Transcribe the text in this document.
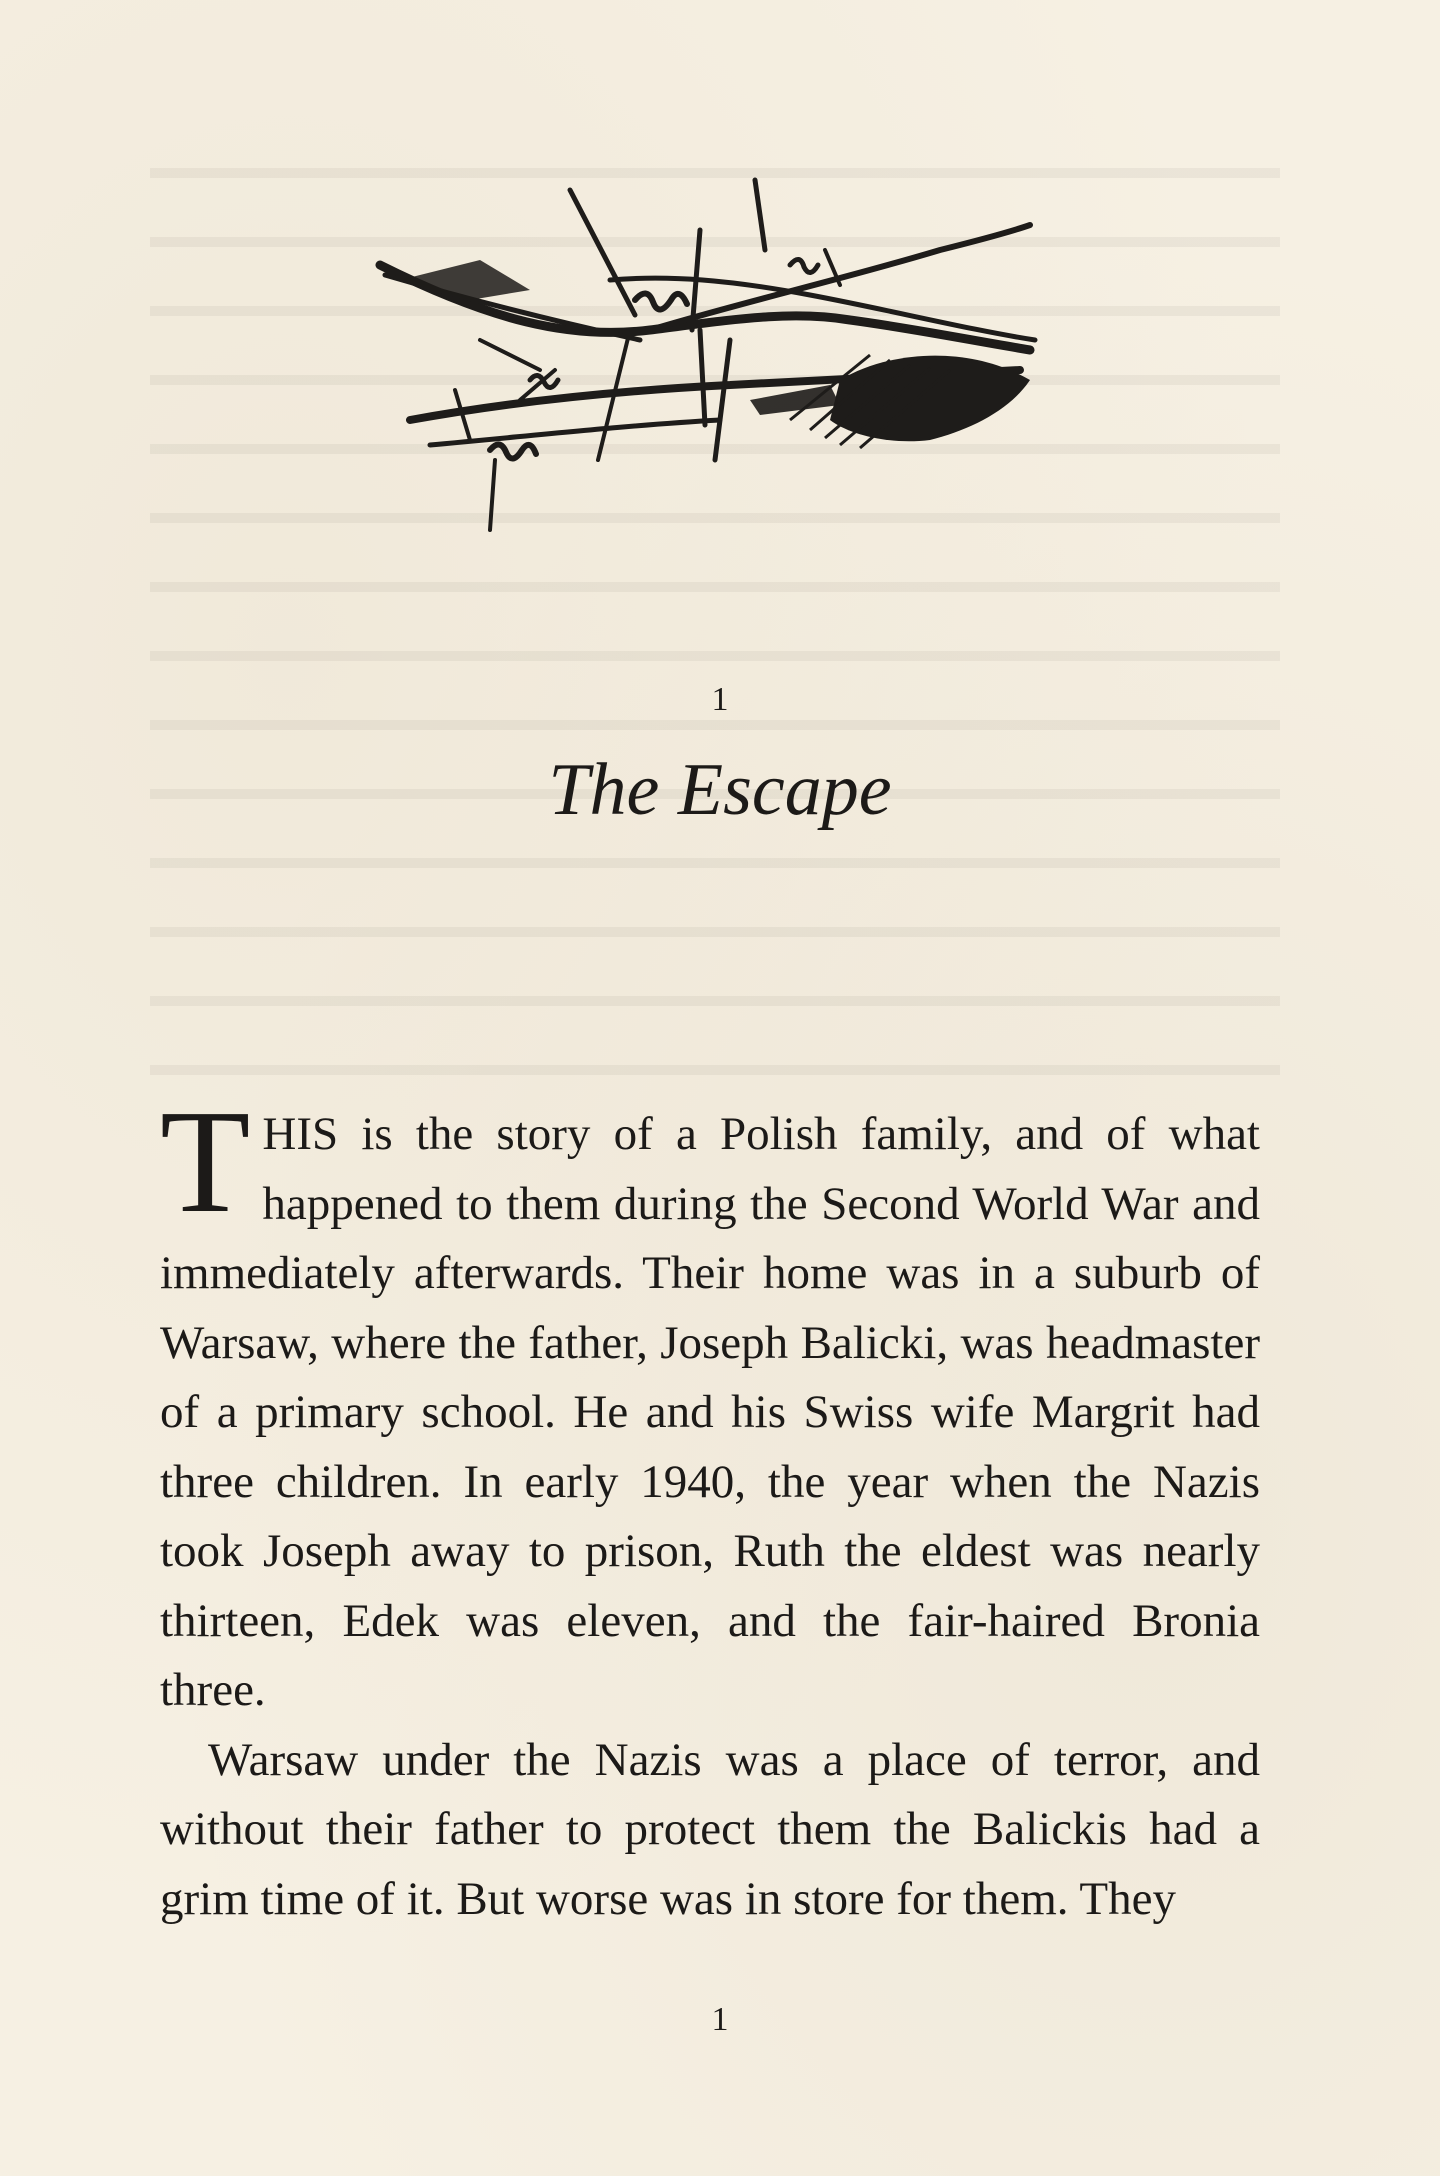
1
The Escape

THIS is the story of a Polish family, and of what happened to them during the Second World War and immediately afterwards. Their home was in a suburb of Warsaw, where the father, Joseph Balicki, was headmaster of a primary school. He and his Swiss wife Margrit had three children. In early 1940, the year when the Nazis took Joseph away to prison, Ruth the eldest was nearly thirteen, Edek was eleven, and the fair-haired Bronia three.

Warsaw under the Nazis was a place of terror, and without their father to protect them the Balickis had a grim time of it. But worse was in store for them. They

1
